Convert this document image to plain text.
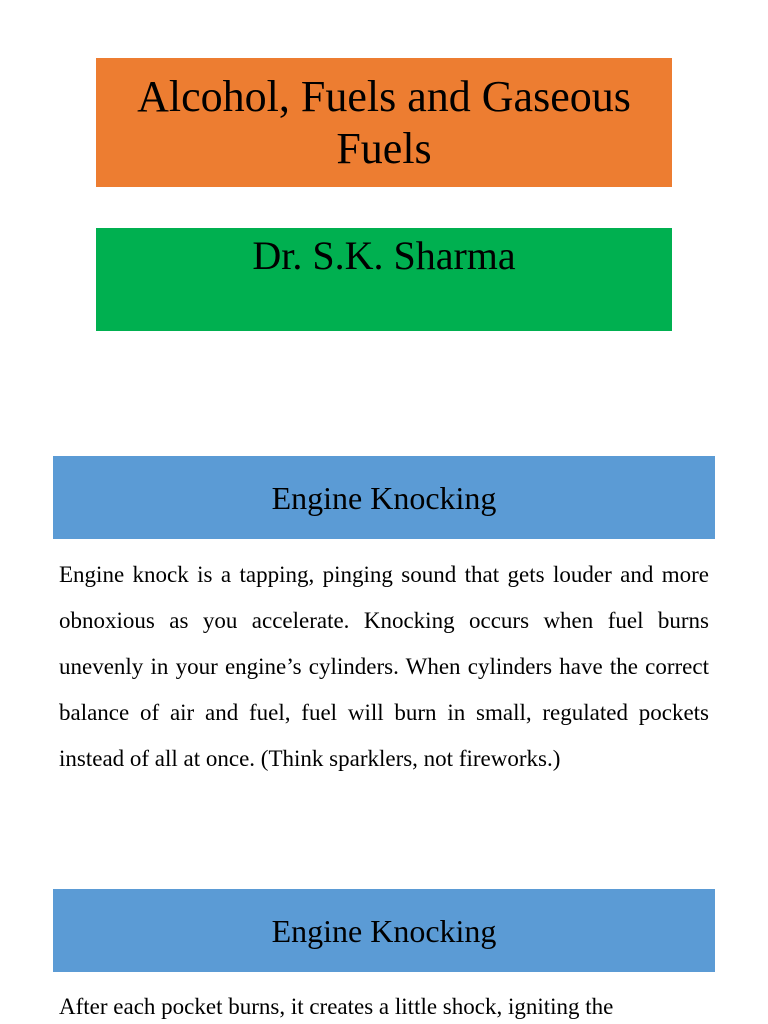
Alcohol, Fuels and Gaseous Fuels
Dr. S.K. Sharma
Engine Knocking

Engine knock is a tapping, pinging sound that gets louder and more obnoxious as you accelerate. Knocking occurs when fuel burns unevenly in your engine’s cylinders. When cylinders have the correct balance of air and fuel, fuel will burn in small, regulated pockets instead of all at once. (Think sparklers, not fireworks.)

Engine Knocking

After each pocket burns, it creates a little shock, igniting the
